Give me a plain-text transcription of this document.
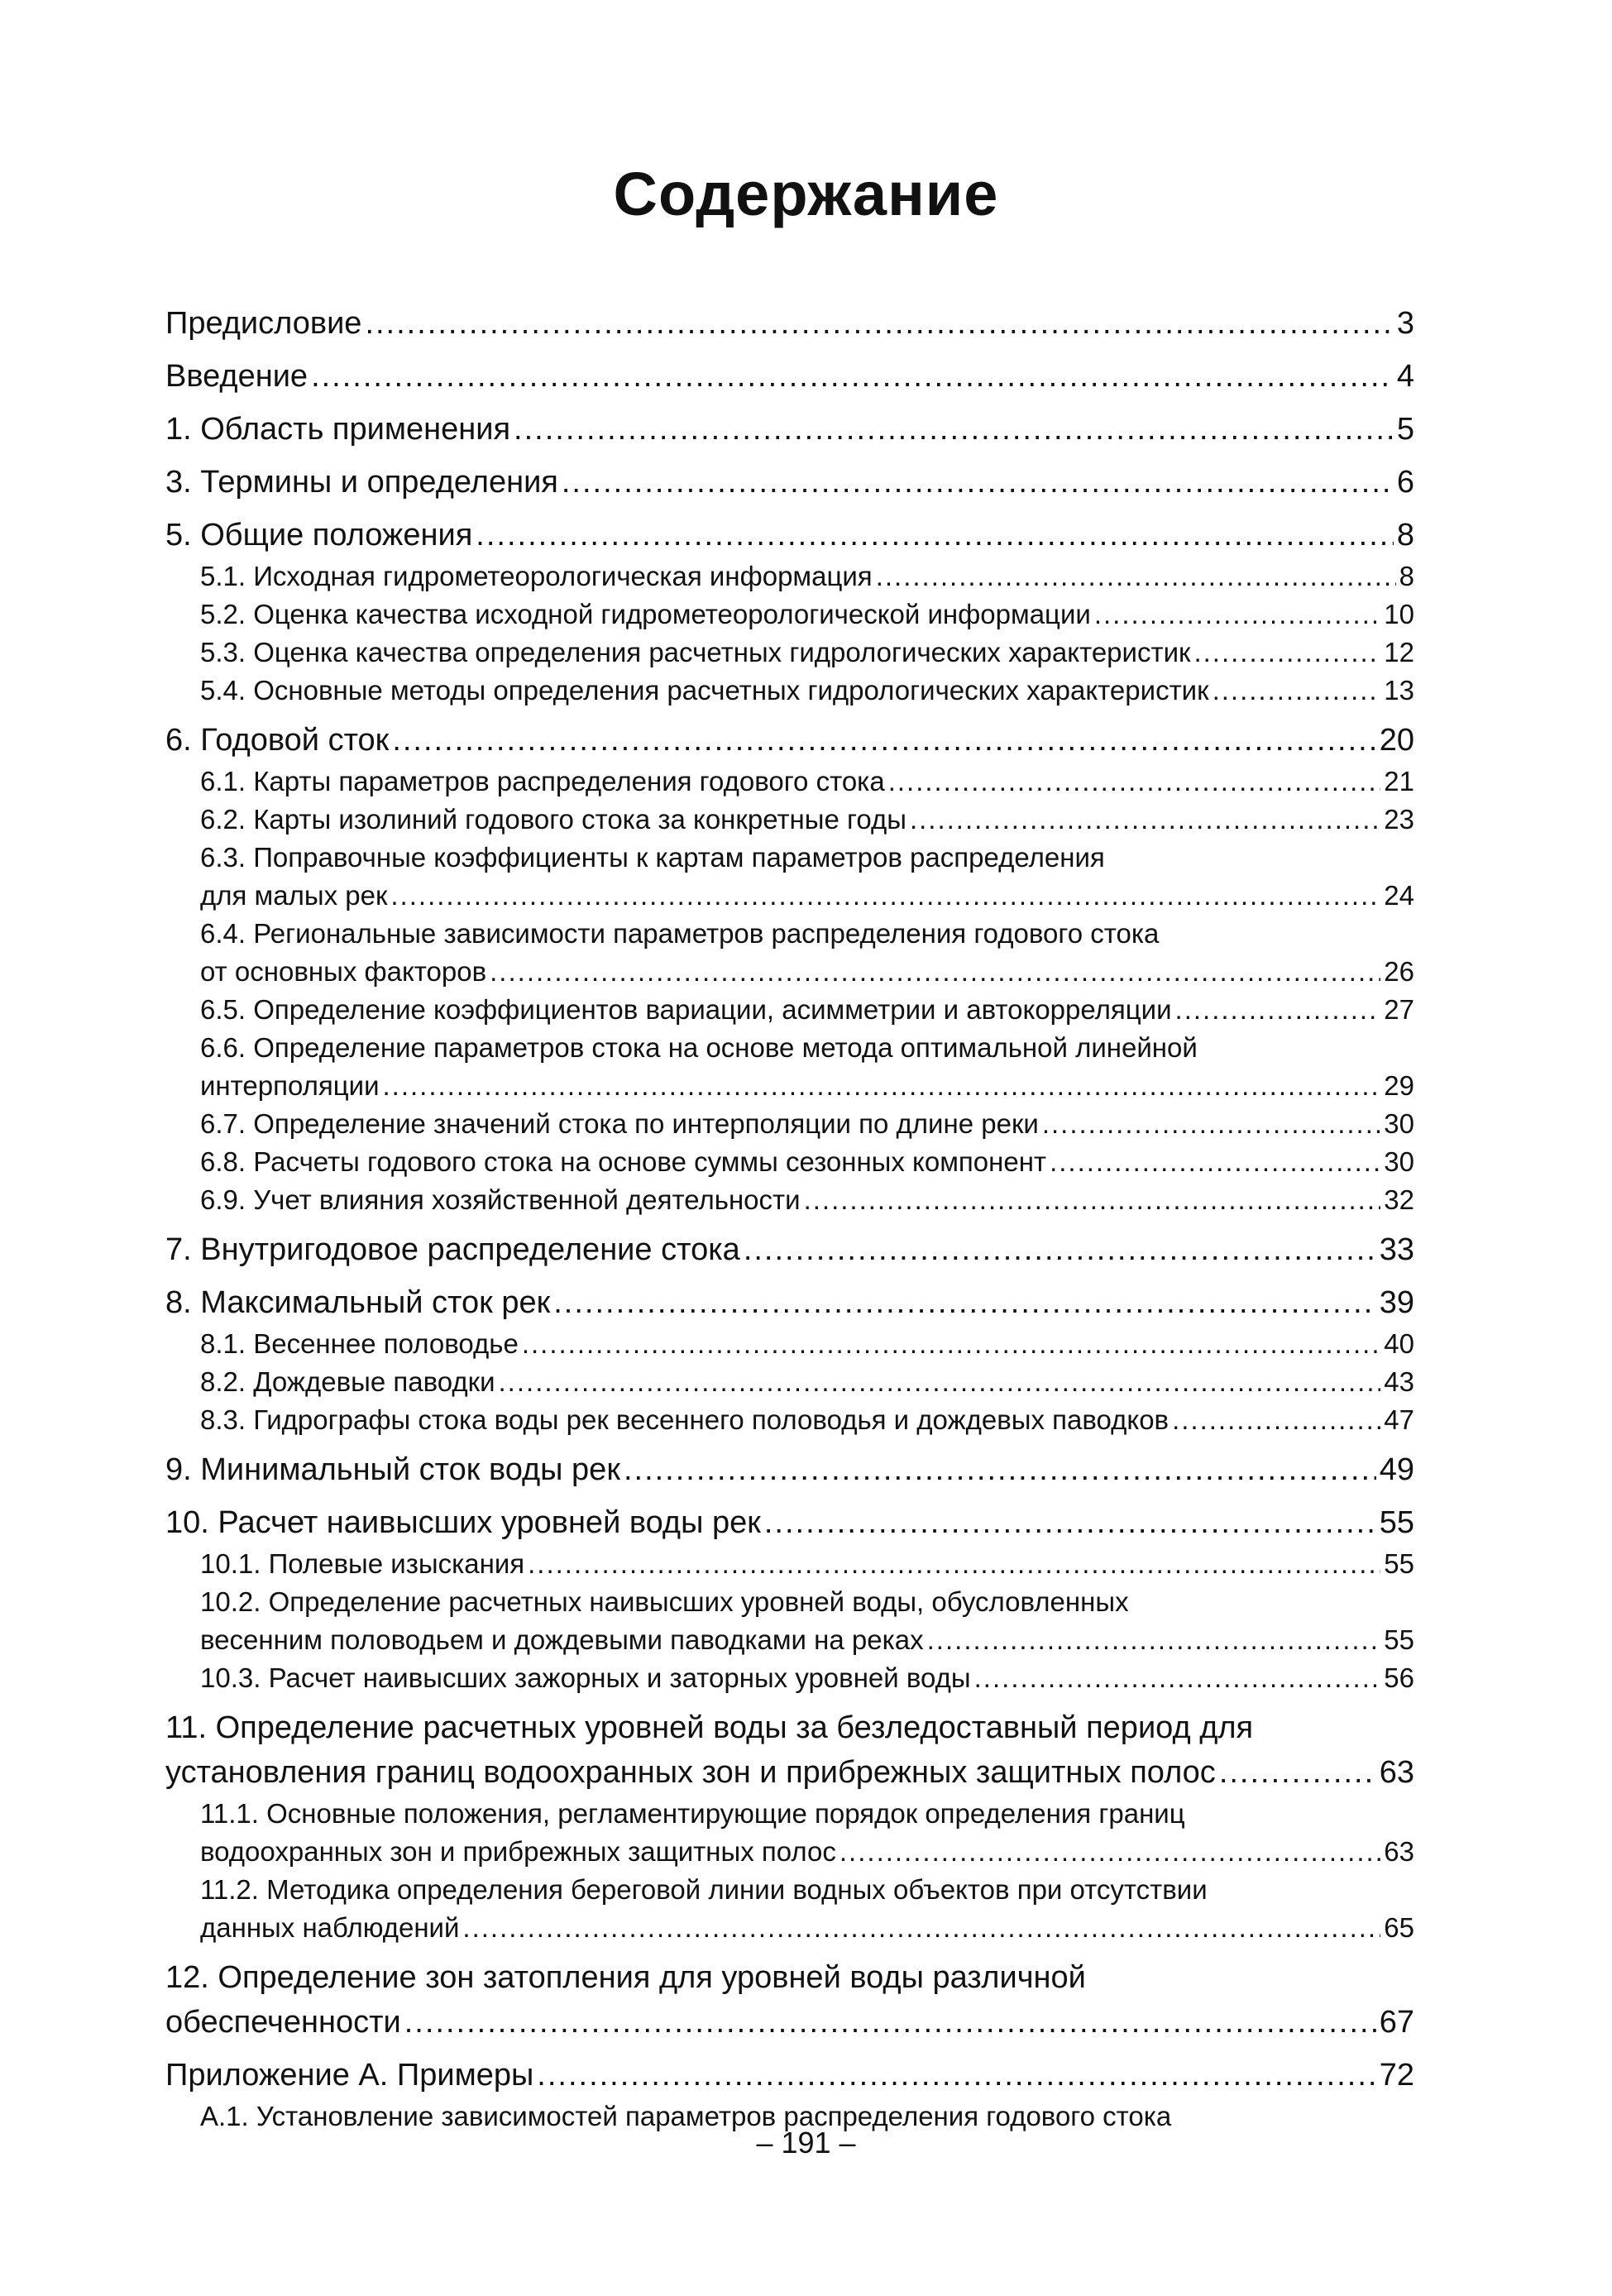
Содержание
Предисловие .....	3
Введение .....	4
1. Область применения .....	5
3. Термины и определения .....	6
5. Общие положения .....	8
5.1. Исходная гидрометеорологическая информация .....	8
5.2. Оценка качества исходной гидрометеорологической информации .....	10
5.3. Оценка качества определения расчетных гидрологических характеристик .....	12
5.4. Основные методы определения расчетных гидрологических характеристик .....	13
6. Годовой сток .....	20
6.1. Карты параметров распределения годового стока .....	21
6.2. Карты изолиний годового стока за конкретные годы .....	23
6.3. Поправочные коэффициенты к картам параметров распределения
для малых рек .....	24
6.4. Региональные зависимости параметров распределения годового стока
от основных факторов .....	26
6.5. Определение коэффициентов вариации, асимметрии и автокорреляции .....	27
6.6. Определение параметров стока на основе метода оптимальной линейной
интерполяции .....	29
6.7. Определение значений стока по интерполяции по длине реки .....	30
6.8. Расчеты годового стока на основе суммы сезонных компонент .....	30
6.9. Учет влияния хозяйственной деятельности .....	32
7. Внутригодовое распределение стока .....	33
8. Максимальный сток рек .....	39
8.1. Весеннее половодье .....	40
8.2. Дождевые паводки .....	43
8.3. Гидрографы стока воды рек весеннего половодья и дождевых паводков .....	47
9. Минимальный сток воды рек .....	49
10. Расчет наивысших уровней воды рек .....	55
10.1. Полевые изыскания .....	55
10.2. Определение расчетных наивысших уровней воды, обусловленных
весенним половодьем и дождевыми паводками на реках .....	55
10.3. Расчет наивысших зажорных и заторных уровней воды .....	56
11. Определение расчетных уровней воды за безледоставный период для
установления границ водоохранных зон и прибрежных защитных полос .....	63
11.1. Основные положения, регламентирующие порядок определения границ
водоохранных зон и прибрежных защитных полос .....	63
11.2. Методика определения береговой линии водных объектов при отсутствии
данных наблюдений .....	65
12. Определение зон затопления для уровней воды различной
обеспеченности .....	67
Приложение А. Примеры .....	72
А.1. Установление зависимостей параметров распределения годового стока
– 191 –
